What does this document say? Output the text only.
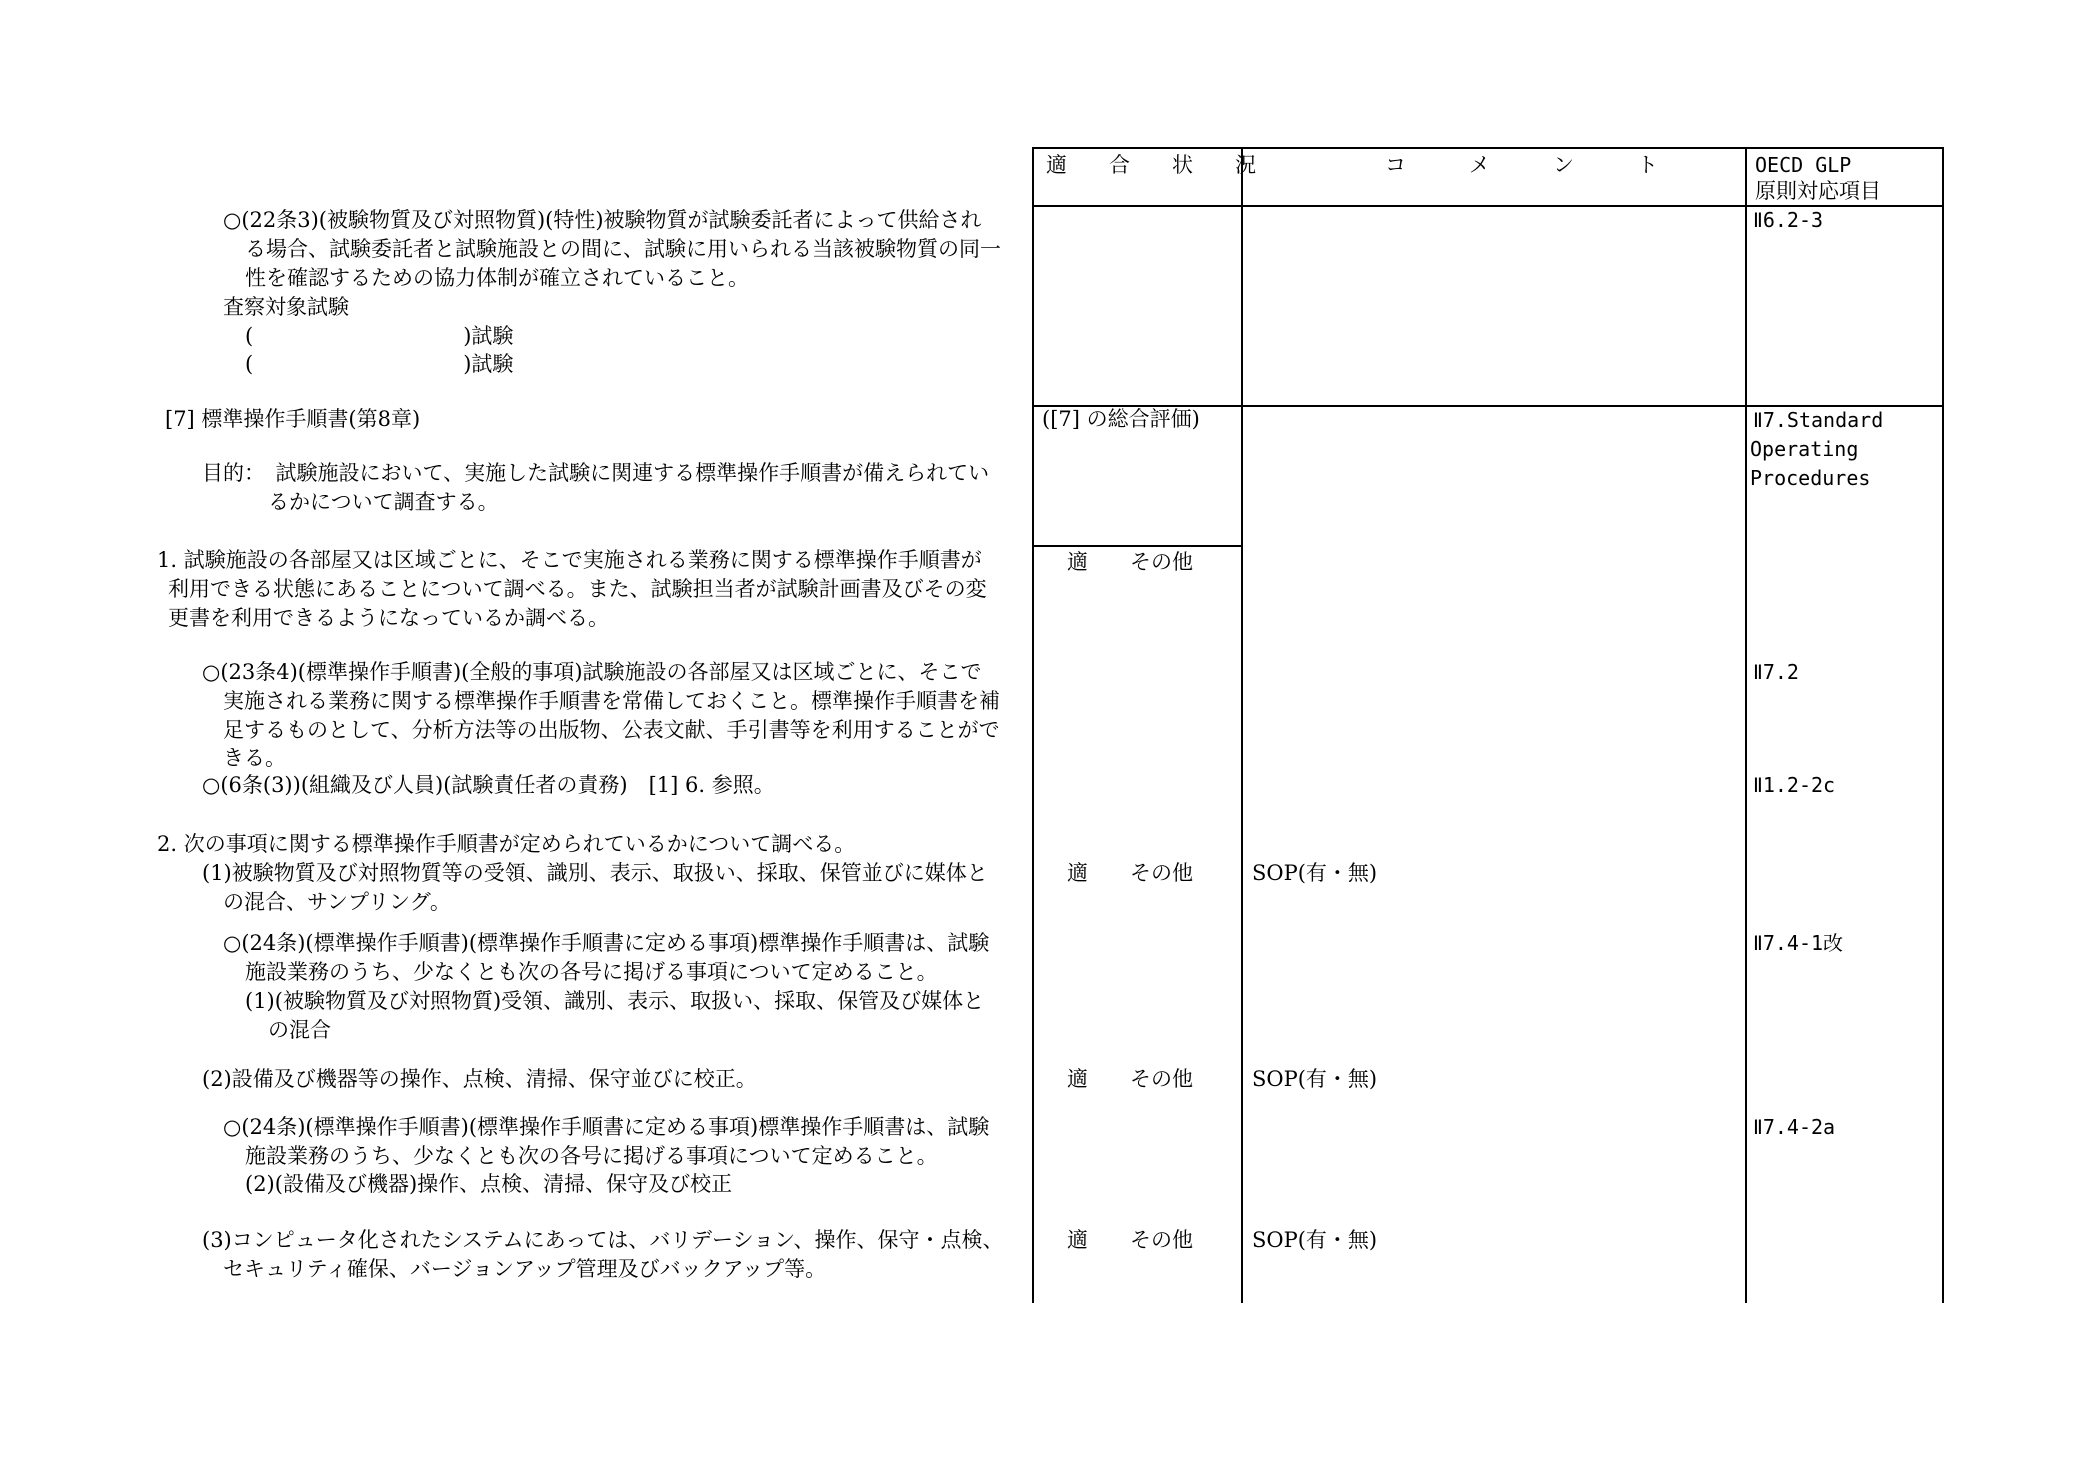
適　　合　　状　　況	コ　　　メ　　　ン　　　ト	OECD GLP
原則対応項目
○(22条3)(被験物質及び対照物質)(特性)被験物質が試験委託者によって供給され
る場合、試験委託者と試験施設との間に、試験に用いられる当該被験物質の同一
性を確認するための協力体制が確立されていること。
査察対象試験
(　　　　　　　　　　)試験
(　　　　　　　　　　)試験
[7] 標準操作手順書(第8章)
目的：　試験施設において、実施した試験に関連する標準操作手順書が備えられてい
るかについて調査する。
1. 試験施設の各部屋又は区域ごとに、そこで実施される業務に関する標準操作手順書が
利用できる状態にあることについて調べる。また、試験担当者が試験計画書及びその変
更書を利用できるようになっているか調べる。
○(23条4)(標準操作手順書)(全般的事項)試験施設の各部屋又は区域ごとに、そこで
実施される業務に関する標準操作手順書を常備しておくこと。標準操作手順書を補
足するものとして、分析方法等の出版物、公表文献、手引書等を利用することがで
きる。
○(6条(3))(組織及び人員)(試験責任者の責務)　[1] 6. 参照。
2. 次の事項に関する標準操作手順書が定められているかについて調べる。
(1)被験物質及び対照物質等の受領、識別、表示、取扱い、採取、保管並びに媒体と
の混合、サンプリング。
○(24条)(標準操作手順書)(標準操作手順書に定める事項)標準操作手順書は、試験
施設業務のうち、少なくとも次の各号に掲げる事項について定めること。
(1)(被験物質及び対照物質)受領、識別、表示、取扱い、採取、保管及び媒体と
の混合
(2)設備及び機器等の操作、点検、清掃、保守並びに校正。
○(24条)(標準操作手順書)(標準操作手順書に定める事項)標準操作手順書は、試験
施設業務のうち、少なくとも次の各号に掲げる事項について定めること。
(2)(設備及び機器)操作、点検、清掃、保守及び校正
(3)コンピュータ化されたシステムにあっては、バリデーション、操作、保守・点検、
セキュリティ確保、バージョンアップ管理及びバックアップ等。
([7] の総合評価)
適　　その他
適　　その他
適　　その他
適　　その他
SOP(有・無)
SOP(有・無)
SOP(有・無)
Ⅱ6.2-3
Ⅱ7.Standard
Operating
Procedures
Ⅱ7.2
Ⅱ1.2-2c
Ⅱ7.4-1改
Ⅱ7.4-2a
